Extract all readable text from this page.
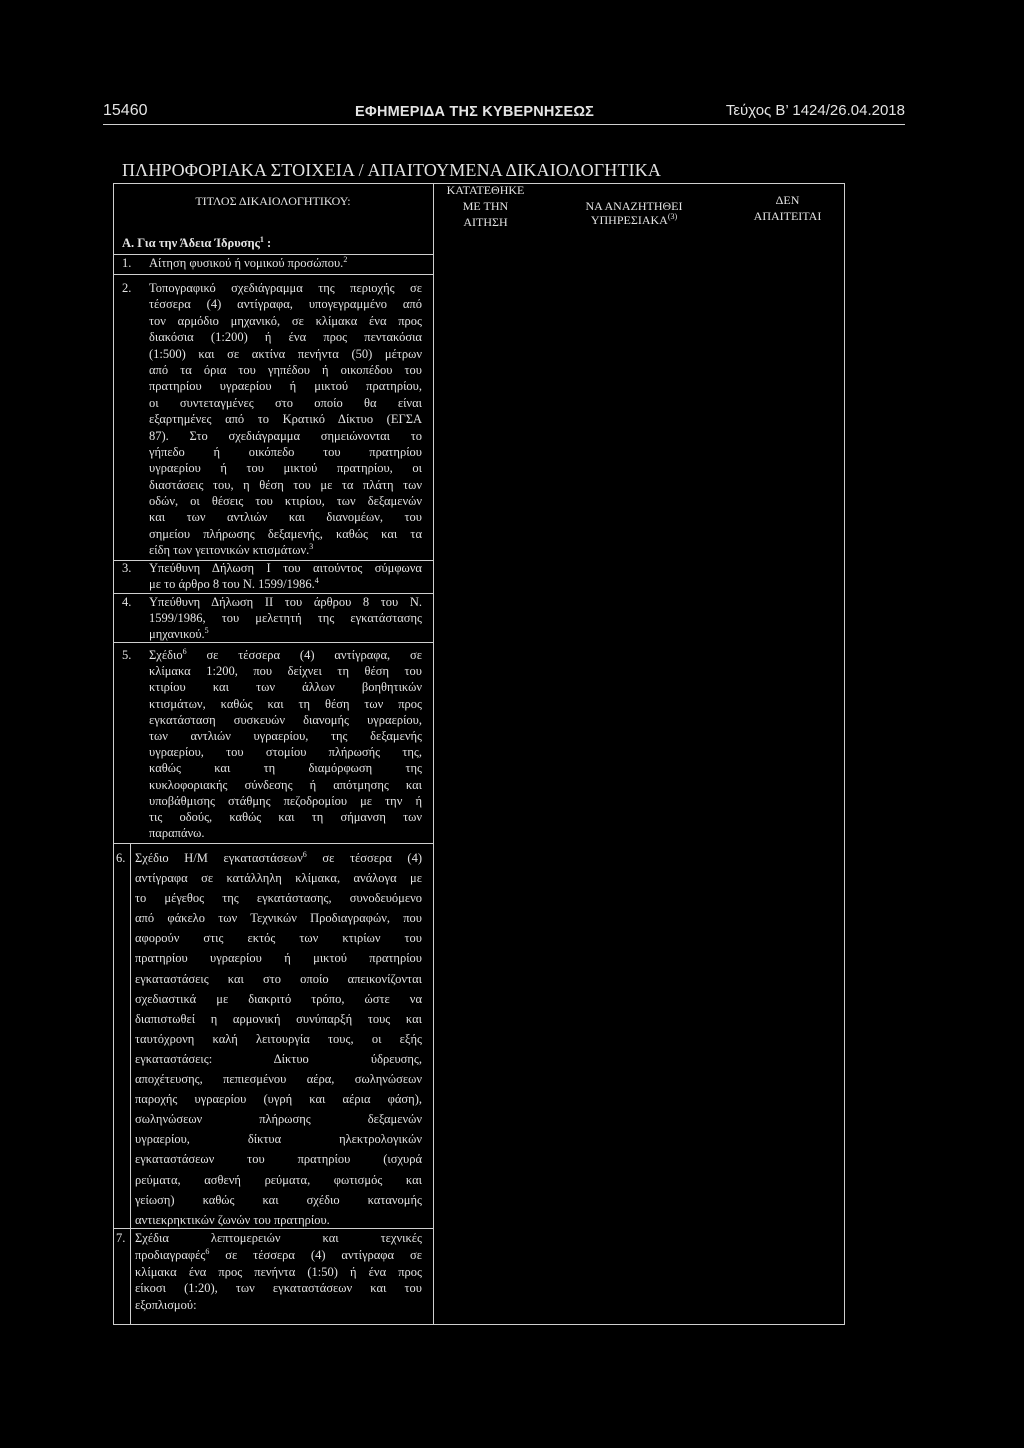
15460	ΕΦΗΜΕΡΙΔΑ ΤΗΣ ΚΥΒΕΡΝΗΣΕΩΣ	Τεύχος Β’ 1424/26.04.2018
ΠΛΗΡΟΦΟΡΙΑΚΑ ΣΤΟΙΧΕΙΑ / ΑΠΑΙΤΟΥΜΕΝΑ ΔΙΚΑΙΟΛΟΓΗΤΙΚΑ
ΤΙΤΛΟΣ ΔΙΚΑΙΟΛΟΓΗΤΙΚΟΥ:
ΚΑΤΑΤΕΘΗΚΕ
ΜΕ ΤΗΝ
ΑΙΤΗΣΗ
ΝΑ ΑΝΑΖΗΤΗΘΕΙ
ΥΠΗΡΕΣΙΑΚΑ$^{(3)}$
ΔΕΝ
ΑΠΑΙΤΕΙΤΑΙ
Α. Για την Άδεια Ίδρυσης$^1$ :
1. Αίτηση φυσικού ή νομικού προσώπου.$^2$
2. Τοπογραφικό σχεδιάγραμμα της περιοχής σε
τέσσερα (4) αντίγραφα, υπογεγραμμένο από
τον αρμόδιο μηχανικό, σε κλίμακα ένα προς
διακόσια (1:200) ή ένα προς πεντακόσια
(1:500) και σε ακτίνα πενήντα (50) μέτρων
από τα όρια του γηπέδου ή οικοπέδου του
πρατηρίου υγραερίου ή μικτού πρατηρίου,
οι συντεταγμένες στο οποίο θα είναι
εξαρτημένες από το Κρατικό Δίκτυο (ΕΓΣΑ
87). Στο σχεδιάγραμμα σημειώνονται το
γήπεδο ή οικόπεδο του πρατηρίου
υγραερίου ή του μικτού πρατηρίου, οι
διαστάσεις του, η θέση του με τα πλάτη των
οδών, οι θέσεις του κτιρίου, των δεξαμενών
και των αντλιών και διανομέων, του
σημείου πλήρωσης δεξαμενής, καθώς και τα
είδη των γειτονικών κτισμάτων.$^3$
3. Υπεύθυνη Δήλωση Ι του αιτούντος σύμφωνα
με το άρθρο 8 του Ν. 1599/1986.$^4$
4. Υπεύθυνη Δήλωση ΙΙ του άρθρου 8 του Ν.
1599/1986, του μελετητή της εγκατάστασης
μηχανικού.$^5$
5. Σχέδιο$^6$ σε τέσσερα (4) αντίγραφα, σε
κλίμακα 1:200, που δείχνει τη θέση του
κτιρίου και των άλλων βοηθητικών
κτισμάτων, καθώς και τη θέση των προς
εγκατάσταση συσκευών διανομής υγραερίου,
των αντλιών υγραερίου, της δεξαμενής
υγραερίου, του στομίου πλήρωσής της,
καθώς και τη διαμόρφωση της
κυκλοφοριακής σύνδεσης ή απότμησης και
υποβάθμισης στάθμης πεζοδρομίου με την ή
τις οδούς, καθώς και τη σήμανση των
παραπάνω.
6. Σχέδιο Η/Μ εγκαταστάσεων$^6$ σε τέσσερα (4)
αντίγραφα σε κατάλληλη κλίμακα, ανάλογα με
το μέγεθος της εγκατάστασης, συνοδευόμενο
από φάκελο των Τεχνικών Προδιαγραφών, που
αφορούν στις εκτός των κτιρίων του
πρατηρίου υγραερίου ή μικτού πρατηρίου
εγκαταστάσεις και στο οποίο απεικονίζονται
σχεδιαστικά με διακριτό τρόπο, ώστε να
διαπιστωθεί η αρμονική συνύπαρξή τους και
ταυτόχρονη καλή λειτουργία τους, οι εξής
εγκαταστάσεις: Δίκτυο ύδρευσης,
αποχέτευσης, πεπιεσμένου αέρα, σωληνώσεων
παροχής υγραερίου (υγρή και αέρια φάση),
σωληνώσεων πλήρωσης δεξαμενών
υγραερίου, δίκτυα ηλεκτρολογικών
εγκαταστάσεων του πρατηρίου (ισχυρά
ρεύματα, ασθενή ρεύματα, φωτισμός και
γείωση) καθώς και σχέδιο κατανομής
αντιεκρηκτικών ζωνών του πρατηρίου.
7. Σχέδια λεπτομερειών και τεχνικές
προδιαγραφές$^6$ σε τέσσερα (4) αντίγραφα σε
κλίμακα ένα προς πενήντα (1:50) ή ένα προς
είκοσι (1:20), των εγκαταστάσεων και του
εξοπλισμού:
